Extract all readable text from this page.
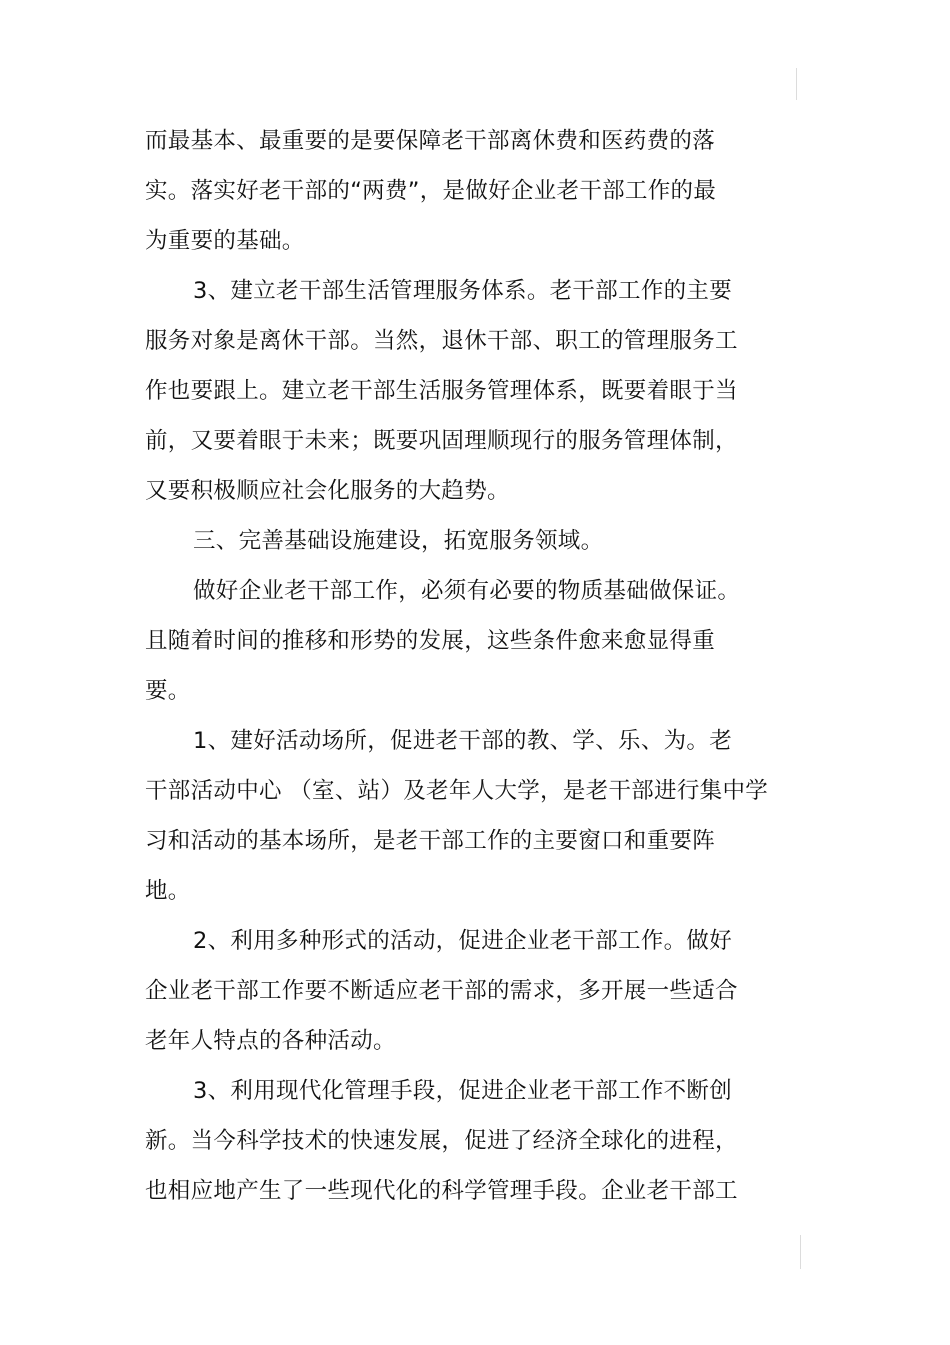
而最基本、最重要的是要保障老干部离休费和医药费的落
实。落实好老干部的“两费”，是做好企业老干部工作的最
为重要的基础。
3、建立老干部生活管理服务体系。老干部工作的主要
服务对象是离休干部。当然，退休干部、职工的管理服务工
作也要跟上。建立老干部生活服务管理体系，既要着眼于当
前，又要着眼于未来；既要巩固理顺现行的服务管理体制，
又要积极顺应社会化服务的大趋势。
三、完善基础设施建设，拓宽服务领域。
做好企业老干部工作，必须有必要的物质基础做保证。
且随着时间的推移和形势的发展，这些条件愈来愈显得重
要。
1、建好活动场所，促进老干部的教、学、乐、为。老
干部活动中心 （室、站）及老年人大学，是老干部进行集中学
习和活动的基本场所，是老干部工作的主要窗口和重要阵
地。
2、利用多种形式的活动，促进企业老干部工作。做好
企业老干部工作要不断适应老干部的需求，多开展一些适合
老年人特点的各种活动。
3、利用现代化管理手段，促进企业老干部工作不断创
新。当今科学技术的快速发展，促进了经济全球化的进程，
也相应地产生了一些现代化的科学管理手段。企业老干部工
